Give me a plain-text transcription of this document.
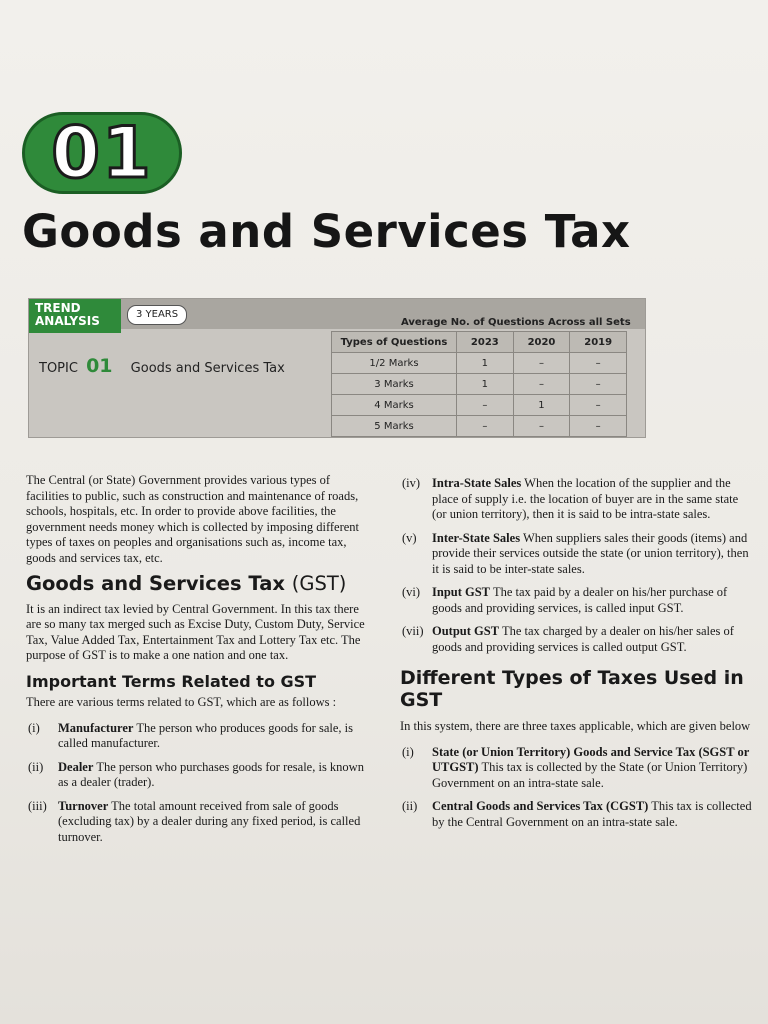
01
Goods and Services Tax
TREND
ANALYSIS	3 YEARS
TOPIC 01 Goods and Services Tax
Average No. of Questions Across all Sets
Types of Questions	2023	2020	2019
1/2 Marks	1	–	–
3 Marks	1	–	–
4 Marks	–	1	–
5 Marks	–	–	–

The Central (or State) Government provides various types of facilities to public, such as construction and maintenance of roads, schools, hospitals, etc. In order to provide above facilities, the government needs money which is collected by imposing different types of taxes on peoples and organisations such as, income tax, goods and services tax, etc.

Goods and Services Tax (GST)

It is an indirect tax levied by Central Government. In this tax there are so many tax merged such as Excise Duty, Custom Duty, Service Tax, Value Added Tax, Entertainment Tax and Lottery Tax etc. The purpose of GST is to make a one nation and one tax.

Important Terms Related to GST

There are various terms related to GST, which are as follows :

(i) Manufacturer The person who produces goods for sale, is called manufacturer.
(ii) Dealer The person who purchases goods for resale, is known as a dealer (trader).
(iii) Turnover The total amount received from sale of goods (excluding tax) by a dealer during any fixed period, is called turnover.
(iv) Intra-State Sales When the location of the supplier and the place of supply i.e. the location of buyer are in the same state (or union territory), then it is said to be intra-state sales.
(v) Inter-State Sales When suppliers sales their goods (items) and provide their services outside the state (or union territory), then it is said to be inter-state sales.
(vi) Input GST The tax paid by a dealer on his/her purchase of goods and providing services, is called input GST.
(vii) Output GST The tax charged by a dealer on his/her sales of goods and providing services is called output GST.
Different Types of Taxes Used in GST

In this system, there are three taxes applicable, which are given below

(i) State (or Union Territory) Goods and Service Tax (SGST or UTGST) This tax is collected by the State (or Union Territory) Government on an intra-state sale.
(ii) Central Goods and Services Tax (CGST) This tax is collected by the Central Government on an intra-state sale.
